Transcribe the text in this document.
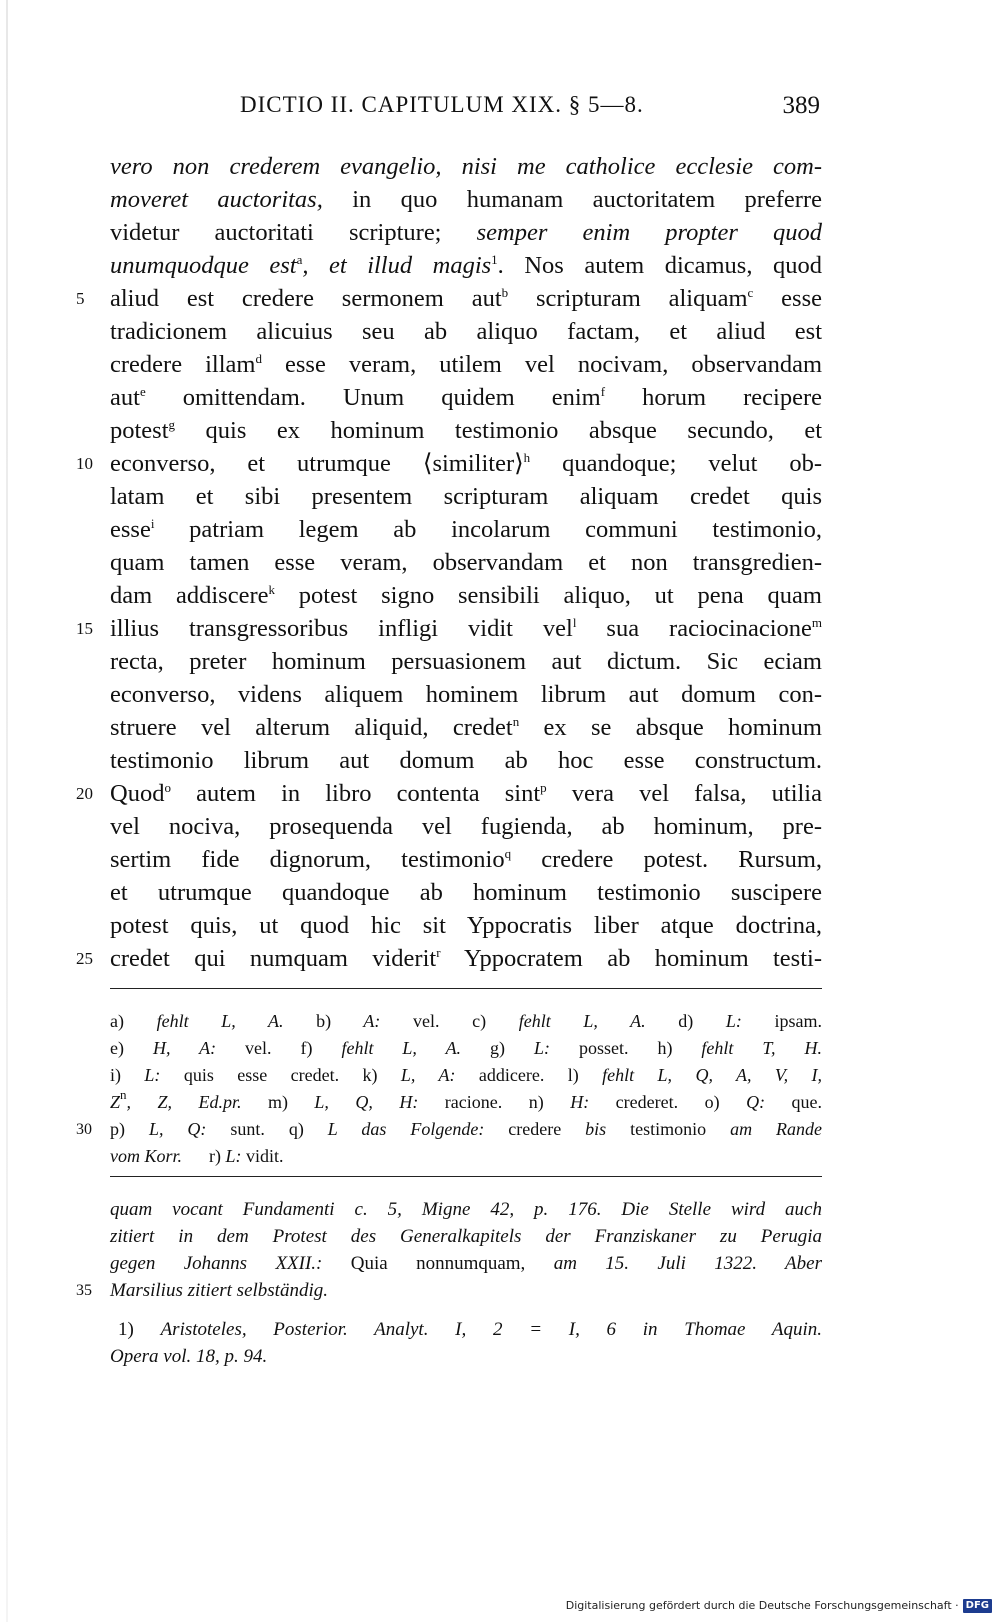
DICTIO II. CAPITULUM XIX. § 5—8.	389
vero non crederem evangelio, nisi me catholice ecclesie com-
moveret auctoritas, in quo humanam auctoritatem preferre
videtur auctoritati scripture; semper enim propter quod
unumquodque est$^a$, et illud magis$^1$. Nos autem dicamus, quod
5	aliud est credere sermonem aut$^b$ scripturam aliquam$^c$ esse
tradicionem alicuius seu ab aliquo factam, et aliud est
credere illam$^d$ esse veram, utilem vel nocivam, observandam
aut$^e$ omittendam. Unum quidem enim$^f$ horum recipere
potest$^g$ quis ex hominum testimonio absque secundo, et
10 econverso, et utrumque ⟨similiter⟩$^h$ quandoque; velut ob-
latam et sibi presentem scripturam aliquam credet quis
esse$^i$ patriam legem ab incolarum communi testimonio,
quam tamen esse veram, observandam et non transgredien-
dam addiscere$^k$ potest signo sensibili aliquo, ut pena quam
15 illius transgressoribus infligi vidit vel$^l$ sua raciocinacione$^m$
recta, preter hominum persuasionem aut dictum. Sic eciam
econverso, videns aliquem hominem librum aut domum con-
struere vel alterum aliquid, credet$^n$ ex se absque hominum
testimonio librum aut domum ab hoc esse constructum.
20 Quod$^o$ autem in libro contenta sint$^p$ vera vel falsa, utilia
vel nociva, prosequenda vel fugienda, ab hominum, pre-
sertim fide dignorum, testimonio$^q$ credere potest. Rursum,
et utrumque quandoque ab hominum testimonio suscipere
potest quis, ut quod hic sit Yppocratis liber atque doctrina,
25 credet qui numquam viderit$^r$ Yppocratem ab hominum testi-
a) fehlt L, A. b) A: vel. c) fehlt L, A. d) L: ipsam.
e) H, A: vel. f) fehlt L, A. g) L: posset. h) fehlt T, H.
i) L: quis esse credet. k) L, A: addicere. l) fehlt L, Q, A, V, I,
$Z^n$, Z, Ed.pr. m) L, Q, H: racione. n) H: crederet. o) Q: que.
30	p) L, Q: sunt. q) L das Folgende: credere bis testimonio am Rande
vom Korr. r) L: vidit.
quam vocant Fundamenti c. 5, Migne 42, p. 176. Die Stelle wird auch
zitiert in dem Protest des Generalkapitels der Franziskaner zu Perugia
gegen Johanns XXII.: Quia nonnumquam, am 15. Juli 1322. Aber
35 Marsilius zitiert selbständig.
1) Aristoteles, Posterior. Analyt. I, 2 = I, 6 in Thomae Aquin.
Opera vol. 18, p. 94.
Digitalisierung gefördert durch die Deutsche Forschungsgemeinschaft · DFG
